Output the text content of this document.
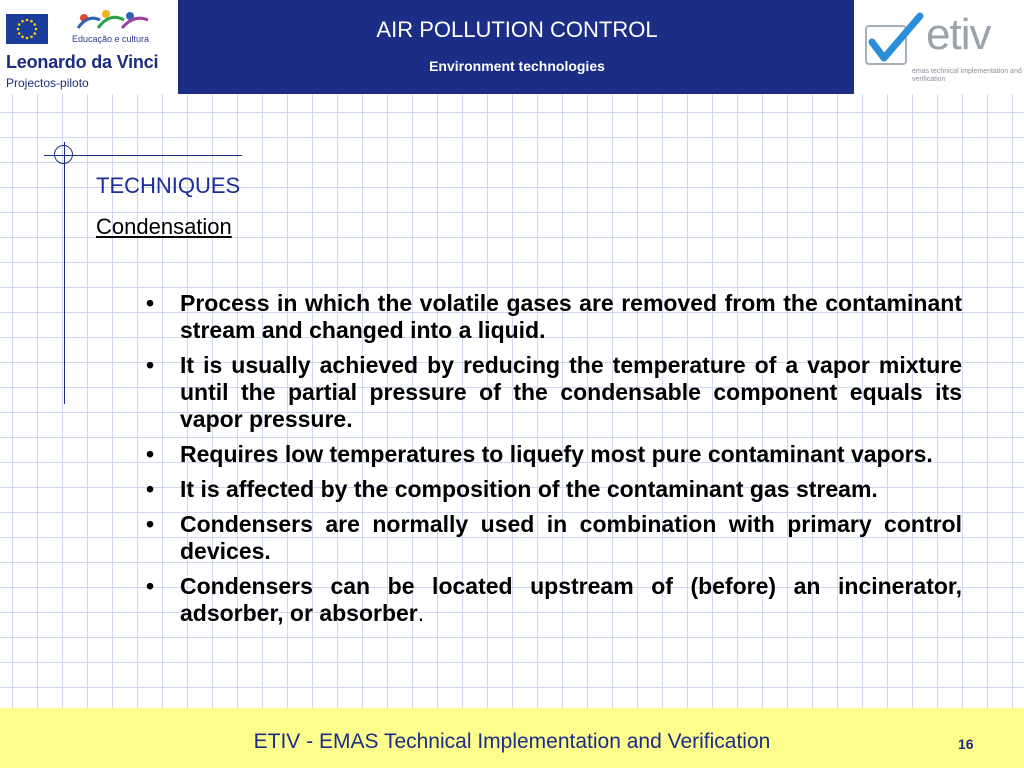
Educação e cultura
Leonardo da Vinci
Projectos-piloto
AIR POLLUTION CONTROL
Environment technologies
etiv
emas technical implementation and verification
TECHNIQUES
Condensation
• Process in which the volatile gases are removed from the contaminant stream and changed into a liquid.
• It is usually achieved by reducing the temperature of a vapor mixture until the partial pressure of the condensable component equals its vapor pressure.
• Requires low temperatures to liquefy most pure contaminant vapors.
• It is affected by the composition of the contaminant gas stream.
• Condensers are normally used in combination with primary control devices.
• Condensers can be located upstream of (before) an incinerator, adsorber, or absorber.
ETIV - EMAS Technical Implementation and Verification	16
